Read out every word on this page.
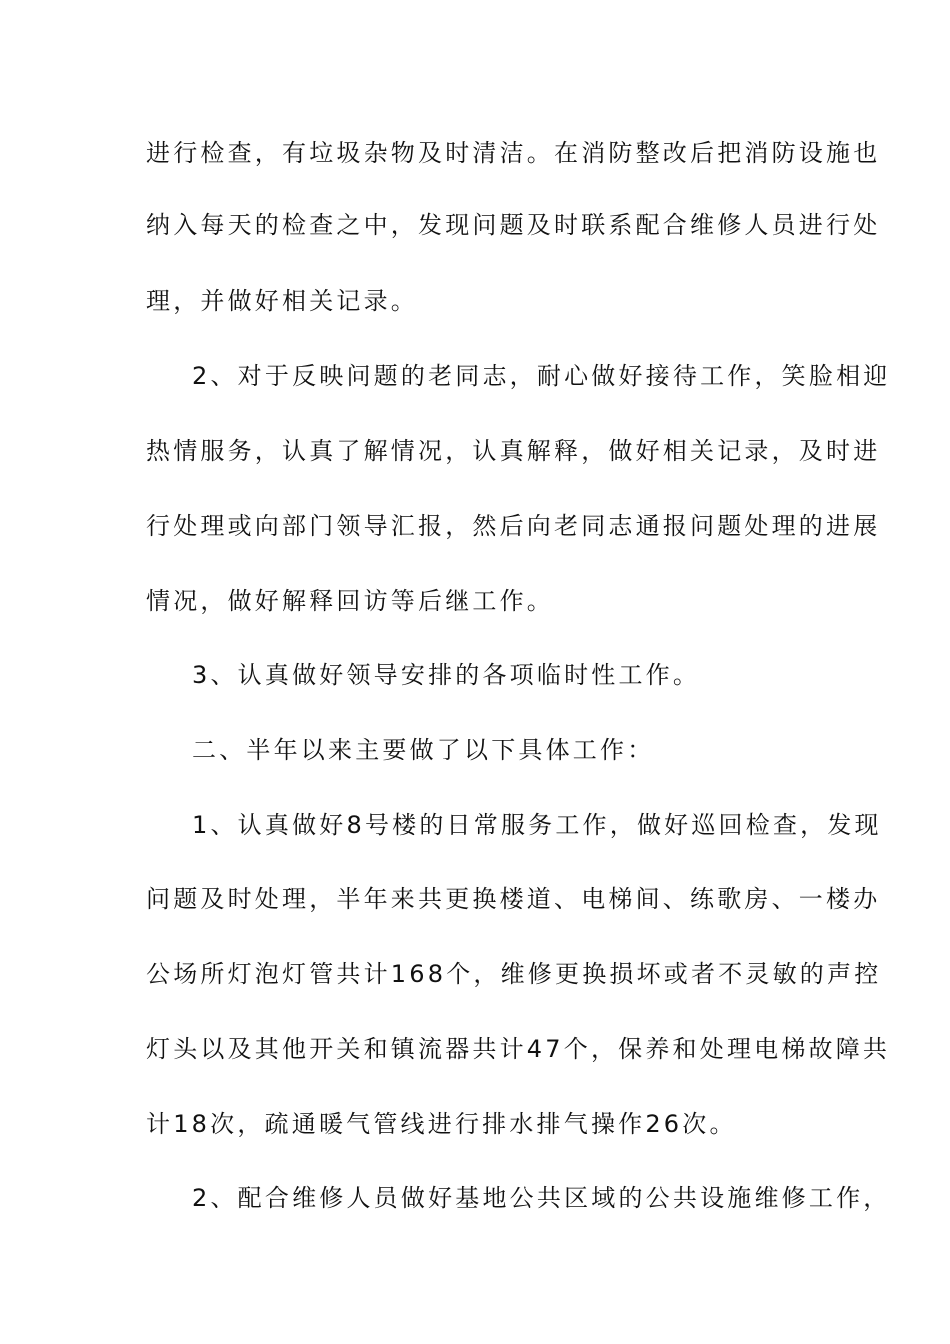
进行检查，有垃圾杂物及时清洁。在消防整改后把消防设施也
纳入每天的检查之中，发现问题及时联系配合维修人员进行处
理，并做好相关记录。
2、对于反映问题的老同志，耐心做好接待工作，笑脸相迎
热情服务，认真了解情况，认真解释，做好相关记录，及时进
行处理或向部门领导汇报，然后向老同志通报问题处理的进展
情况，做好解释回访等后继工作。
3、认真做好领导安排的各项临时性工作。
二、半年以来主要做了以下具体工作：
1、认真做好8号楼的日常服务工作，做好巡回检查，发现
问题及时处理，半年来共更换楼道、电梯间、练歌房、一楼办
公场所灯泡灯管共计168个，维修更换损坏或者不灵敏的声控
灯头以及其他开关和镇流器共计47个，保养和处理电梯故障共
计18次，疏通暖气管线进行排水排气操作26次。
2、配合维修人员做好基地公共区域的公共设施维修工作，
